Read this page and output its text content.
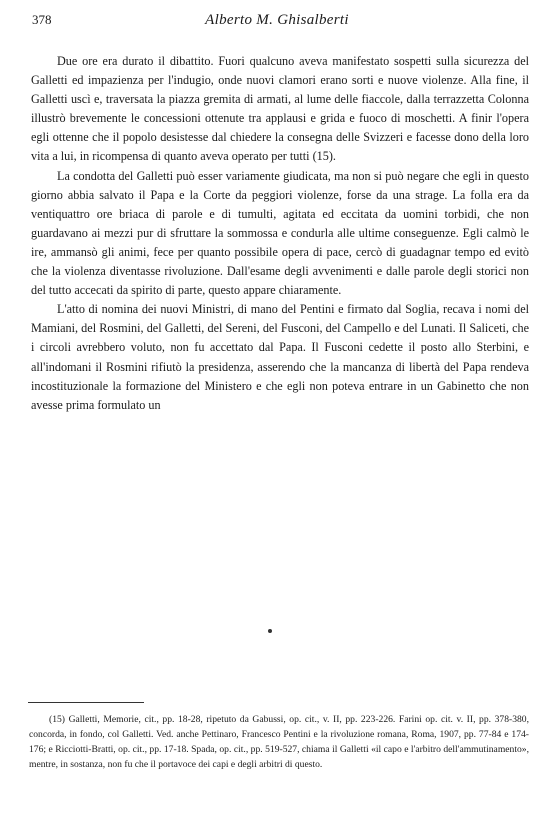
378	Alberto M. Ghisalberti

Due ore era durato il dibattito. Fuori qualcuno aveva manifestato sospetti sulla sicurezza del Galletti ed impazienza per l'indugio, onde nuovi clamori erano sorti e nuove violenze. Alla fine, il Galletti uscì e, traversata la piazza gremita di armati, al lume delle fiaccole, dalla terrazzetta Colonna illustrò brevemente le concessioni ottenute tra applausi e grida e fuoco di moschetti. A finir l'opera egli ottenne che il popolo desistesse dal chiedere la consegna delle Svizzeri e facesse dono della loro vita a lui, in ricompensa di quanto aveva operato per tutti (15).

La condotta del Galletti può esser variamente giudicata, ma non si può negare che egli in questo giorno abbia salvato il Papa e la Corte da peggiori violenze, forse da una strage. La folla era da ventiquattro ore briaca di parole e di tumulti, agitata ed eccitata da uomini torbidi, che non guardavano ai mezzi pur di sfruttare la sommossa e condurla alle ultime conseguenze. Egli calmò le ire, ammansò gli animi, fece per quanto possibile opera di pace, cercò di guadagnar tempo ed evitò che la violenza diventasse rivoluzione. Dall'esame degli avvenimenti e dalle parole degli storici non del tutto accecati da spirito di parte, questo appare chiaramente.

L'atto di nomina dei nuovi Ministri, di mano del Pentini e firmato dal Soglia, recava i nomi del Mamiani, del Rosmini, del Galletti, del Sereni, del Fusconi, del Campello e del Lunati. Il Saliceti, che i circoli avrebbero voluto, non fu accettato dal Papa. Il Fusconi cedette il posto allo Sterbini, e all'indomani il Rosmini rifiutò la presidenza, asserendo che la mancanza di libertà del Papa rendeva incostituzionale la formazione del Ministero e che egli non poteva entrare in un Gabinetto che non avesse prima formulato un

(15) Galletti, Memorie, cit., pp. 18-28, ripetuto da Gabussi, op. cit., v. II, pp. 223-226. Farini op. cit. v. II, pp. 378-380, concorda, in fondo, col Galletti. Ved. anche Pettinaro, Francesco Pentini e la rivoluzione romana, Roma, 1907, pp. 77-84 e 174-176; e Ricciotti-Bratti, op. cit., pp. 17-18. Spada, op. cit., pp. 519-527, chiama il Galletti «il capo e l'arbitro dell'ammutinamento», mentre, in sostanza, non fu che il portavoce dei capi e degli arbitri di questo.
